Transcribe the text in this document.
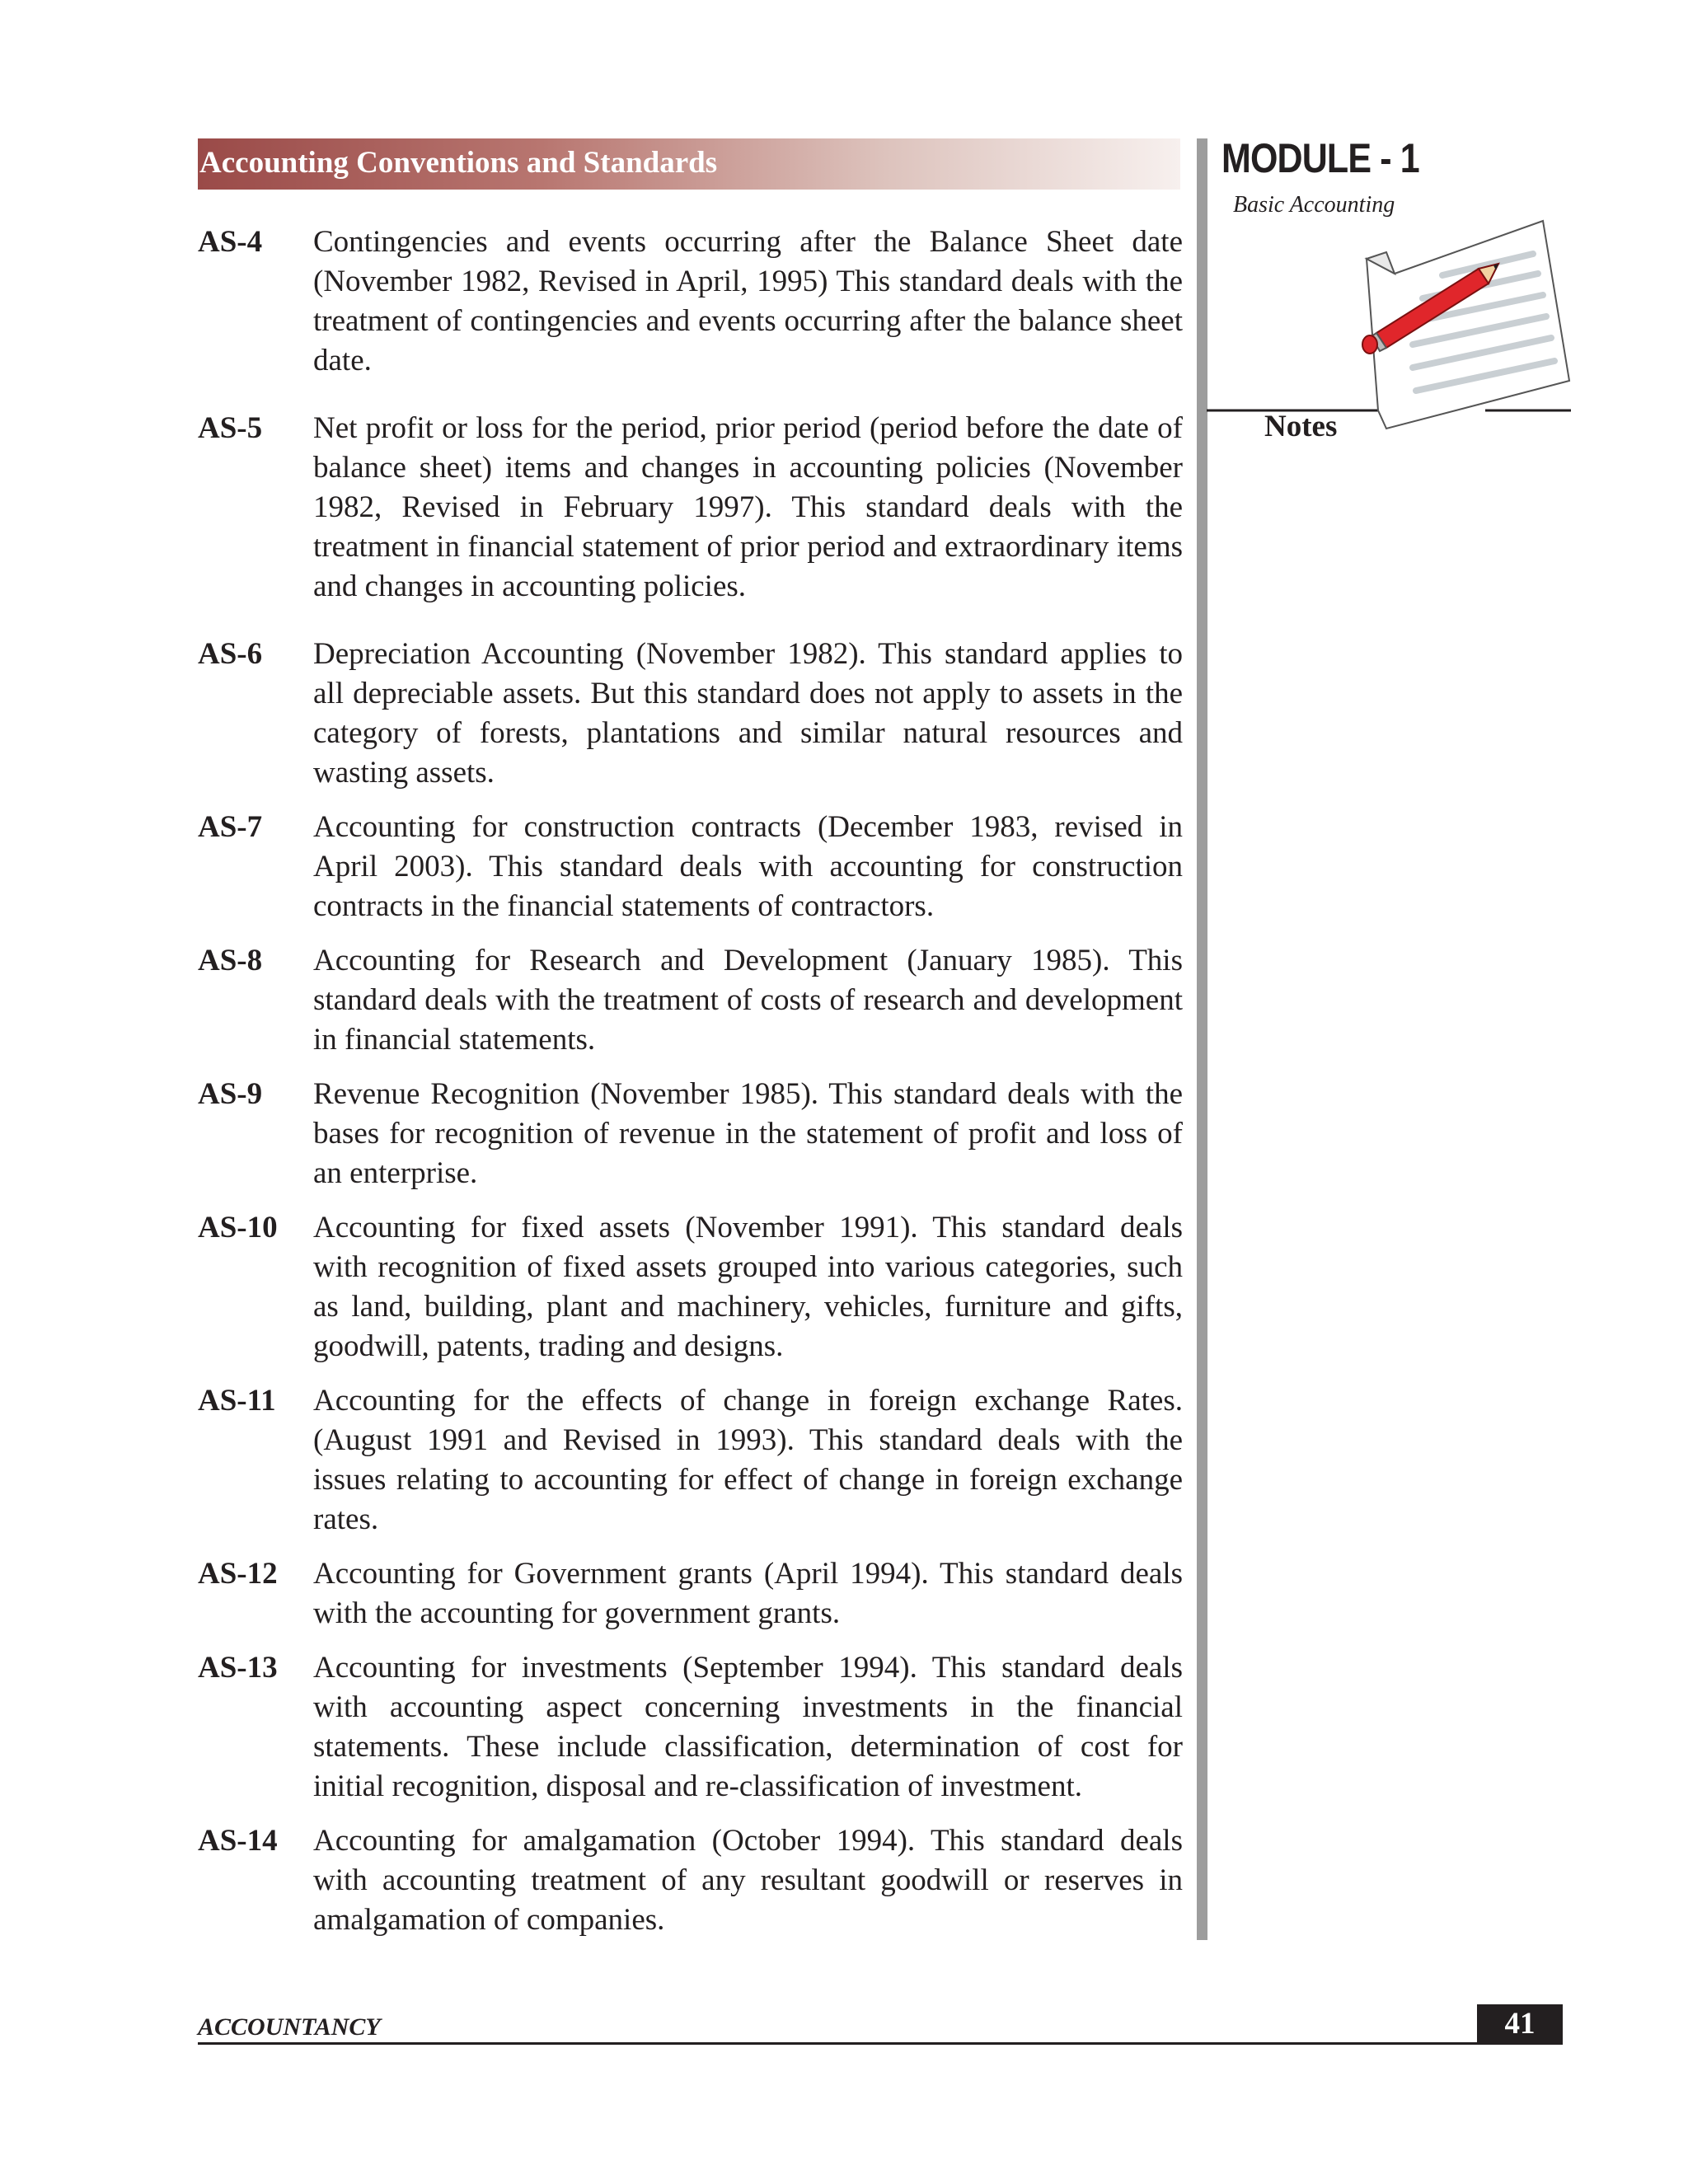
Accounting Conventions and Standards	MODULE - 1
Basic Accounting
Notes
AS-4 Contingencies and events occurring after the Balance Sheet date (November 1982, Revised in April, 1995) This standard deals with the treatment of contingencies and events occurring after the balance sheet date.
AS-5 Net profit or loss for the period, prior period (period before the date of balance sheet) items and changes in accounting policies (November 1982, Revised in February 1997). This standard deals with the treatment in financial statement of prior period and extraordinary items and changes in accounting policies.
AS-6 Depreciation Accounting (November 1982). This standard applies to all depreciable assets. But this standard does not apply to assets in the category of forests, plantations and similar natural resources and wasting assets.
AS-7 Accounting for construction contracts (December 1983, revised in April 2003). This standard deals with accounting for construction contracts in the financial statements of contractors.
AS-8 Accounting for Research and Development (January 1985). This standard deals with the treatment of costs of research and development in financial statements.
AS-9 Revenue Recognition (November 1985). This standard deals with the bases for recognition of revenue in the statement of profit and loss of an enterprise.
AS-10 Accounting for fixed assets (November 1991). This standard deals with recognition of fixed assets grouped into various categories, such as land, building, plant and machinery, vehicles, furniture and gifts, goodwill, patents, trading and designs.
AS-11 Accounting for the effects of change in foreign exchange Rates. (August 1991 and Revised in 1993). This standard deals with the issues relating to accounting for effect of change in foreign exchange rates.
AS-12 Accounting for Government grants (April 1994). This standard deals with the accounting for government grants.
AS-13 Accounting for investments (September 1994). This standard deals with accounting aspect concerning investments in the financial statements. These include classification, determination of cost for initial recognition, disposal and re-classification of investment.
AS-14 Accounting for amalgamation (October 1994). This standard deals with accounting treatment of any resultant goodwill or reserves in amalgamation of companies.
ACCOUNTANCY	41
